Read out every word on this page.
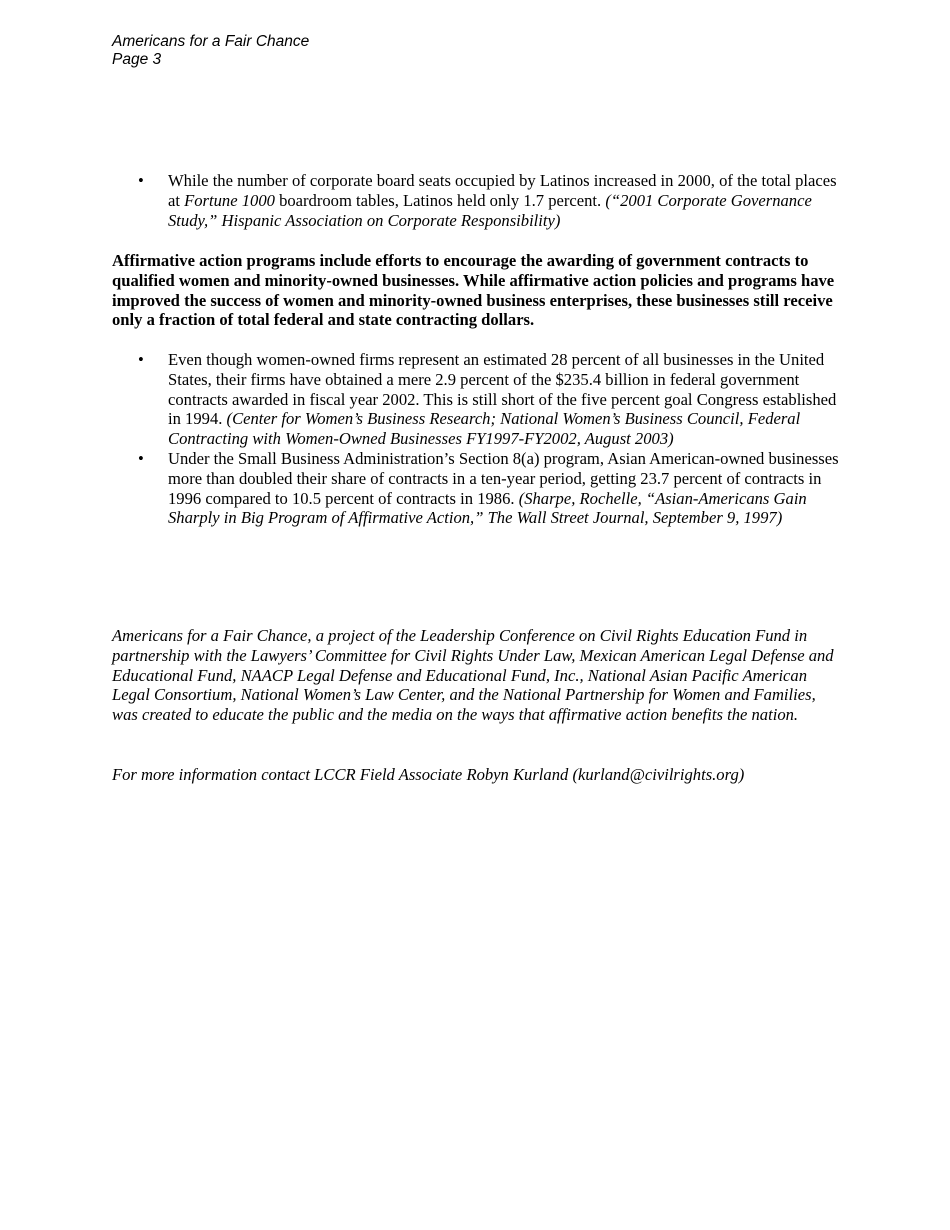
Americans for a Fair Chance
Page 3
• While the number of corporate board seats occupied by Latinos increased in 2000, of the total places at Fortune 1000 boardroom tables, Latinos held only 1.7 percent. (“2001 Corporate Governance Study,” Hispanic Association on Corporate Responsibility)

Affirmative action programs include efforts to encourage the awarding of government contracts to qualified women and minority-owned businesses. While affirmative action policies and programs have improved the success of women and minority-owned business enterprises, these businesses still receive only a fraction of total federal and state contracting dollars.

• Even though women-owned firms represent an estimated 28 percent of all businesses in the United States, their firms have obtained a mere 2.9 percent of the $235.4 billion in federal government contracts awarded in fiscal year 2002. This is still short of the five percent goal Congress established in 1994. (Center for Women’s Business Research; National Women’s Business Council, Federal Contracting with Women-Owned Businesses FY1997-FY2002, August 2003)
• Under the Small Business Administration’s Section 8(a) program, Asian American-owned businesses more than doubled their share of contracts in a ten-year period, getting 23.7 percent of contracts in 1996 compared to 10.5 percent of contracts in 1986. (Sharpe, Rochelle, “Asian-Americans Gain Sharply in Big Program of Affirmative Action,” The Wall Street Journal, September 9, 1997)

Americans for a Fair Chance, a project of the Leadership Conference on Civil Rights Education Fund in partnership with the Lawyers’ Committee for Civil Rights Under Law, Mexican American Legal Defense and Educational Fund, NAACP Legal Defense and Educational Fund, Inc., National Asian Pacific American Legal Consortium, National Women’s Law Center, and the National Partnership for Women and Families, was created to educate the public and the media on the ways that affirmative action benefits the nation.

For more information contact LCCR Field Associate Robyn Kurland (kurland@civilrights.org)
